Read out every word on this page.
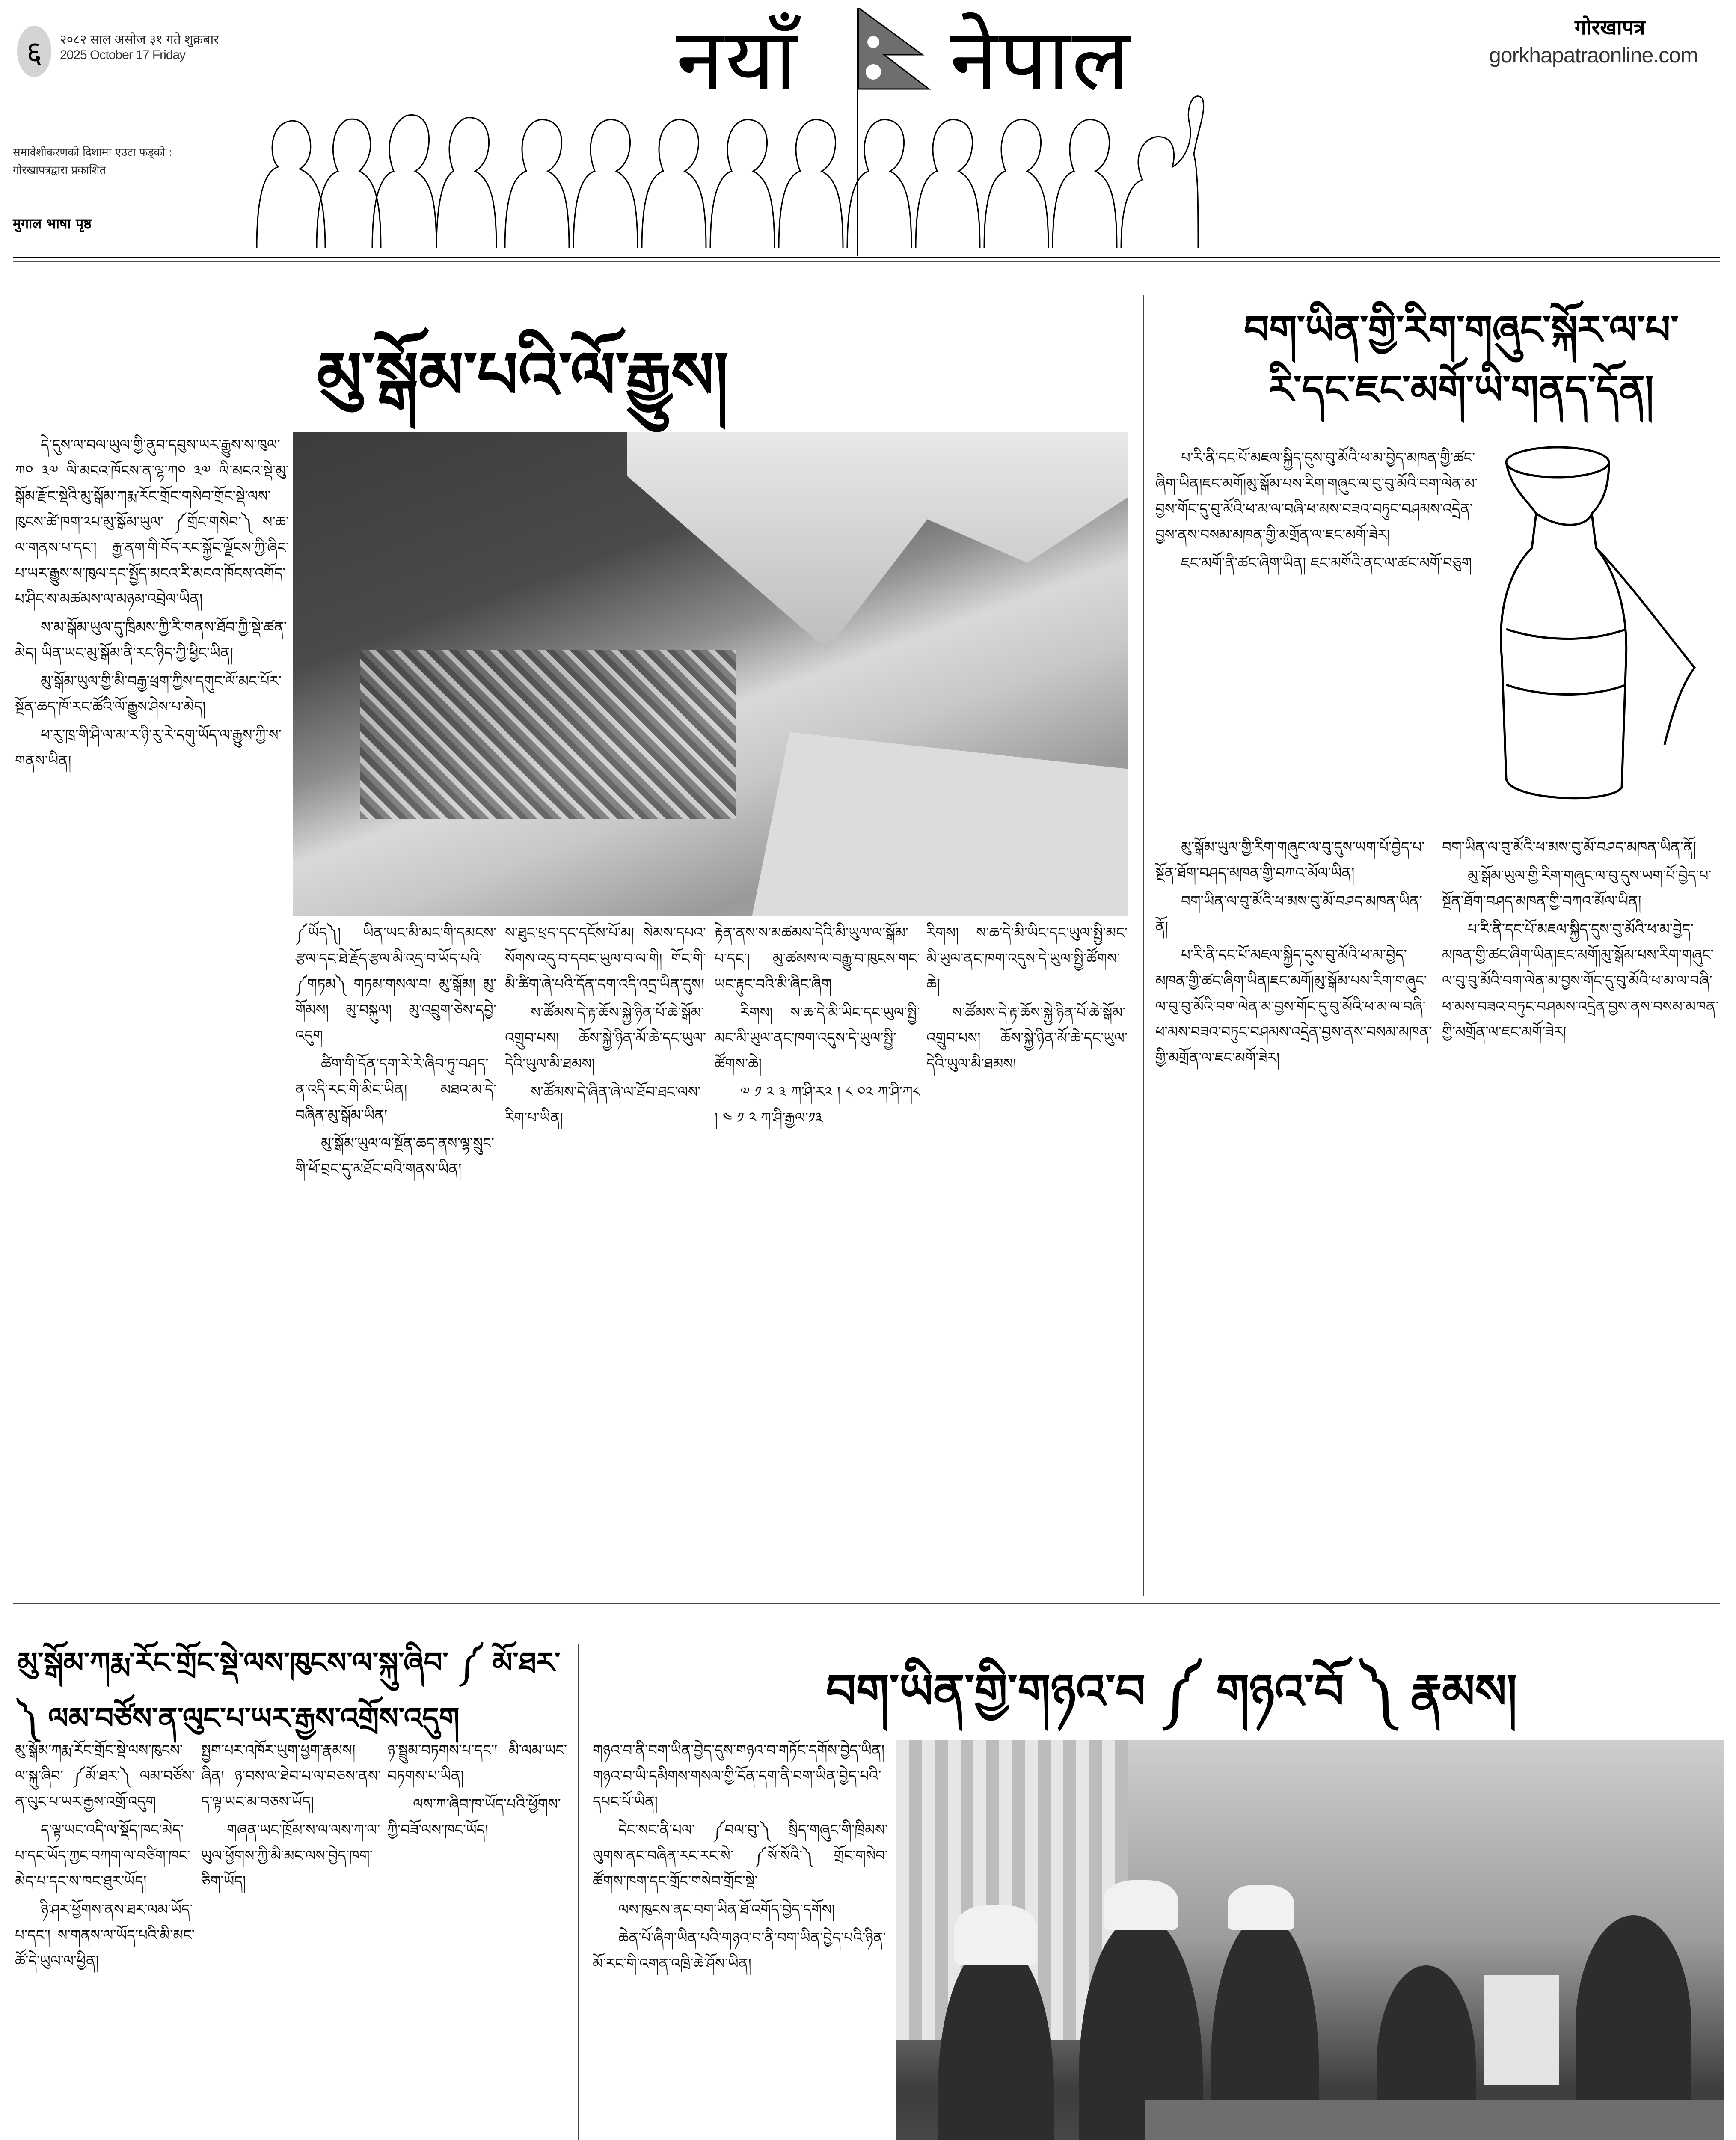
६ २०८२ साल असोज ३१ गते शुक्रबार
2025 October 17 Friday
समावेशीकरणको दिशामा एउटा फड्को :
गोरखापत्रद्वारा प्रकाशित
मुगाल भाषा पृष्ठ
नयाँ नेपाल	गोरखापत्र
gorkhapatraonline.com
མུ་སྒོམ་པའི་ལོ་རྒྱུས།

དེ་དུས་ལ་བལ་ཡུལ་གྱི་ནུབ་དབུས་ཡར་རྒྱུས་ས་ཁུལ་ཀ༠ ༣༧ ལི་མངའ་ཁོངས་ན་ལྷ་ཀ༠ ༣༧ ལི་མངའ་སྡེ་མུ་སྒོམ་རྫོང་སྡེའི་མུ་སྒོམ་ཀརྨ་རོང་གྲོང་གསེབ་གྲོང་སྡེ་ལས་ཁུངས་ཚེ་ཁག་༢པ་མུ་སྒོམ་ཡུལ་ ༼གྲོང་གསེབ་༽ ས་ཆ་ལ་གནས་པ་དང་། རྒྱ་ནག་གི་བོད་རང་སྐྱོང་ལྗོངས་ཀྱི་ཞིང་པ་ཡར་རྒྱུས་ས་ཁུལ་དང་སྤྱོད་མངའ་རི་མངའ་ཁོངས་འགོད་པ་ཤིང་ས་མཚམས་ལ་མཉམ་འབྲེལ་ཡིན།

ས་མ་སྒོམ་ཡུལ་དུ་ཁྲིམས་ཀྱི་རི་གནས་ཐོབ་ཀྱི་སྡེ་ཚན་མེད། ཡིན་ཡང་མུ་སྒོམ་ནི་རང་ཉིད་ཀྱི་ཕྱིང་ཡིན།

མུ་སྒོམ་ཡུལ་གྱི་མི་བརྒྱ་ཕྲག་ཀྱིས་དགུང་ལོ་མང་པོར་སྔོན་ཆད་ཁོ་རང་ཚོའི་ལོ་རྒྱུས་ཤེས་པ་མེད།

ཕ་རུ་ཁྲ་གི་ཤི་ལ་མ་ར་ཉི་རུ་རེ་དགུ་ཡོད་ལ་རྒྱུས་ཀྱི་ས་གནས་ཡིན།

༼ཡོད༽། ཡིན་ཡང་མི་མང་གི་དམངས་རྩལ་དང་ཐེ་རྗོད་རྩལ་མི་འདྲ་བ་ཡོད་པའི་༼གཏམ༽ གཏམ་གསལ་བ། མུ་སྒོམ། མུ་གོམས། མུ་བསྐུལ། མུ་འབྲུག་ཅེས་དབྱེ་འདུག

ཚིག་གི་དོན་དག་རེ་རེ་ཞིབ་ཏུ་བཤད་ན་འདི་རང་གི་མིང་ཡིན། མཐའ་མ་དེ་བཞིན་མུ་སྒོམ་ཡིན།

མུ་སྒོམ་ཡུལ་ལ་སྔོན་ཆད་ནས་ལྷ་སྲུང་གི་ཕོ་བྲང་དུ་མཐོང་བའི་གནས་ཡིན།

ས་ཐུང་ཕྲད་དང་དངོས་པོ་མ། སེམས་དཔའ་སོགས་འདུ་བ་དབང་ཡུལ་བ་ལ་གི། གོང་གི་མི་ཚིག་ཞེ་པའི་དོན་དག་འདི་འདྲ་ཡིན་དུས།

ས་ཚོམས་དེ་རྟ་ཆོས་སྐྱེ་ཉིན་པོ་ཆེ་སྒོམ་འགྲུབ་པས། ཆོས་སྐྱེ་ཉིན་མོ་ཆེ་དང་ཡུལ་དེའི་ཡུལ་མི་ཐམས།

ས་ཚོམས་དེ་ཞིན་ཞེ་ལ་ཐོབ་ཐང་ལས་རིག་པ་ཡིན།

རྟེན་ནས་ས་མཚམས་དེའི་མི་ཡུལ་ལ་སྒོམ་པ་དང་། མུ་ཚམས་ལ་བརྒྱུ་བ་ཁུངས་གང་ཡང་རྟུང་བའི་མི་ཞིང་ཞིག

རིགས། ས་ཆ་དེ་མི་ཡིང་དང་ཡུལ་སྤྱི་མང་མི་ཡུལ་ནང་ཁག་འདུས་དེ་ཡུལ་སྤྱི་ཚོགས་ཆེ།

༧ ༡ ༢ ༣ ཀ་ཤི་ར༢ ། ༨ ༠༢ ཀ་ཤི་ཀ༨ ། ༤ ༡ ༢ ཀ་ཤི་རྒྱལ་༡༣

རིགས། ས་ཆ་དེ་མི་ཡིང་དང་ཡུལ་སྤྱི་མང་མི་ཡུལ་ནང་ཁག་འདུས་དེ་ཡུལ་སྤྱི་ཚོགས་ཆེ།

ས་ཚོམས་དེ་རྟ་ཆོས་སྐྱེ་ཉིན་པོ་ཆེ་སྒོམ་འགྲུབ་པས། ཆོས་སྐྱེ་ཉིན་མོ་ཆེ་དང་ཡུལ་དེའི་ཡུལ་མི་ཐམས།

བག་ཡིན་གྱི་རིག་གཞུང་སྐོར་ལ་པ་
རི་དང་ཇང་མགོ་ཡི་གནད་དོན།

པ་རི་ནི་དང་པོ་མཇལ་སྐྱིད་དུས་བུ་མོའི་ཕ་མ་བྱེད་མཁན་གྱི་ཚང་ཞིག་ཡིན།ཇང་མགོ།མུ་སྒོམ་པས་རིག་གཞུང་ལ་བུ་བུ་མོའི་བག་ལེན་མ་བྱས་གོང་དུ་བུ་མོའི་ཕ་མ་ལ་བཞི་ཕ་མས་བཟའ་བཏུང་བཤམས་འདྲེན་བྱས་ནས་བསམ་མཁན་གྱི་མགྲོན་ལ་ཇང་མགོ་ཟེར།

ཇང་མགོ་ནི་ཚང་ཞིག་ཡིན། ཇང་མགོའི་ནང་ལ་ཚང་མགོ་བཅུག

མུ་སྒོམ་ཡུལ་གྱི་རིག་གཞུང་ལ་བུ་དུས་ཡག་པོ་བྱེད་པ་སྔོན་ཐོག་བཤད་མཁན་གྱི་བཀའ་མོལ་ཡིན།

བག་ཡིན་ལ་བུ་མོའི་ཕ་མས་བུ་མོ་བཤད་མཁན་ཡིན་ནོ།

པ་རི་ནི་དང་པོ་མཇལ་སྐྱིད་དུས་བུ་མོའི་ཕ་མ་བྱེད་མཁན་གྱི་ཚང་ཞིག་ཡིན།ཇང་མགོ།མུ་སྒོམ་པས་རིག་གཞུང་ལ་བུ་བུ་མོའི་བག་ལེན་མ་བྱས་གོང་དུ་བུ་མོའི་ཕ་མ་ལ་བཞི་ཕ་མས་བཟའ་བཏུང་བཤམས་འདྲེན་བྱས་ནས་བསམ་མཁན་གྱི་མགྲོན་ལ་ཇང་མགོ་ཟེར།

བག་ཡིན་ལ་བུ་མོའི་ཕ་མས་བུ་མོ་བཤད་མཁན་ཡིན་ནོ།

མུ་སྒོམ་ཡུལ་གྱི་རིག་གཞུང་ལ་བུ་དུས་ཡག་པོ་བྱེད་པ་སྔོན་ཐོག་བཤད་མཁན་གྱི་བཀའ་མོལ་ཡིན།

པ་རི་ནི་དང་པོ་མཇལ་སྐྱིད་དུས་བུ་མོའི་ཕ་མ་བྱེད་མཁན་གྱི་ཚང་ཞིག་ཡིན།ཇང་མགོ།མུ་སྒོམ་པས་རིག་གཞུང་ལ་བུ་བུ་མོའི་བག་ལེན་མ་བྱས་གོང་དུ་བུ་མོའི་ཕ་མ་ལ་བཞི་ཕ་མས་བཟའ་བཏུང་བཤམས་འདྲེན་བྱས་ནས་བསམ་མཁན་གྱི་མགྲོན་ལ་ཇང་མགོ་ཟེར།

མུ་སྒོམ་ཀརྨ་རོང་གྲོང་སྡེ་ལས་ཁུངས་ལ་སྐུ་ཞིབ་ ༼ མོ་ཐར་ ༽ ལམ་བཙོས་ན་ལུང་པ་ཡར་རྒྱས་འགྲོས་འདུག

མུ་སྒོམ་ཀརྨ་རོང་གྲོང་སྡེ་ལས་ཁུངས་ལ་སྐུ་ཞིབ་ ༼མོ་ཐར་༽ ལམ་བཙོས་ན་ལུང་པ་ཡར་རྒྱས་འགྲོ་འདུག

ད་ལྟ་ཡང་འདི་ལ་སྡོད་ཁང་མེད་པ་དང་ཡོད་ཀྱང་བཀག་ལ་བཙིག་ཁང་མེད་པ་དང་ས་ཁང་ཐུར་ཡོད།

ཉི་ཤར་ཕྱོགས་ནས་ཐར་ལམ་ཡོད་པ་དང་། ས་གནས་ལ་ཡོད་པའི་མི་མང་ཚོ་དེ་ཡུལ་ལ་ཕྱིན།

སྤྱག་པར་འཁོར་ཡུག་ཕྱག་རྣམས། ཞིན། ཉ་བས་ལ་ཐེབ་པ་ལ་བཅས་ནས་ད་ལྟ་ཡང་མ་བཅས་ཡོད།

གཞན་ཡང་ཁྲོམ་ས་ལ་ལས་ཀ་ལ་ཡུལ་ཕྱོགས་ཀྱི་མི་མང་ལས་བྱེད་ཁག་ཅིག་ཡོད།

ཉ་སྦྲུམ་བཏགས་པ་དང་། མི་ལམ་ཡང་བཏགས་པ་ཡིན།

ལས་ཀ་ཞིབ་ཁ་ཡོད་པའི་ཕྱོགས་ཀྱི་བཟོ་ལས་ཁང་ཡོད།

བག་ཡིན་གྱི་གཉའ་བ ༼ གཉའ་བོ ༽ རྣམས།

གཉའ་བ་ནི་བག་ཡིན་བྱེད་དུས་གཉའ་བ་གཏོང་དགོས་བྱེད་ཡིན།གཉའ་བ་ཡི་དམིགས་གསལ་གྱི་དོན་དག་ནི་བག་ཡིན་བྱེད་པའི་དཔང་པོ་ཡིན།

དེང་སང་ནི་པལ་ ༼བལ་བུ་༽ སྲིད་གཞུང་གི་ཁྲིམས་ལུགས་ནང་བཞིན་རང་རང་སེ་ ༼སོ་སོའི་༽ གྲོང་གསེབ་ཚོགས་ཁག་དང་གྲོང་གསེབ་གྲོང་སྡེ་

ལས་ཁུངས་ནང་བག་ཡིན་ཐོ་འགོད་བྱེད་དགོས།

ཆེན་པོ་ཞིག་ཡིན་པའི་གཉའ་བ་ནི་བག་ཡིན་བྱེད་པའི་ཉིན་མོ་རང་གི་འགན་འཁྲི་ཆེ་ཤོས་ཡིན།
